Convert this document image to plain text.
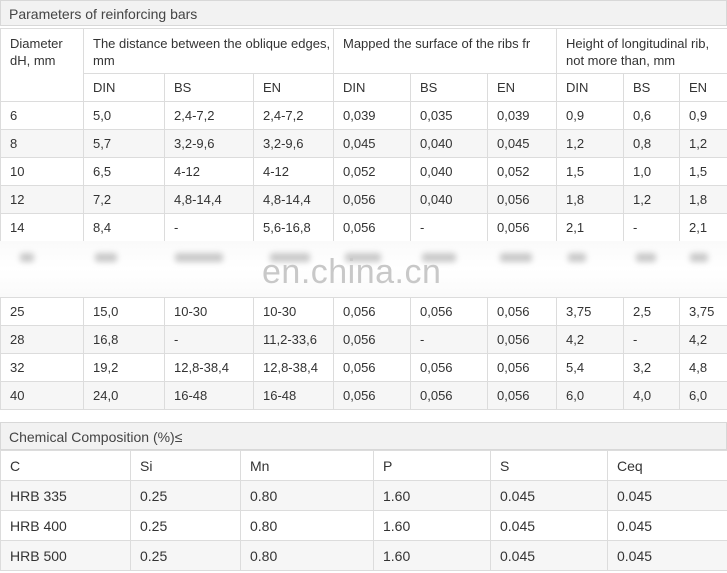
Parameters of reinforcing bars
Diameter dH, mm	The distance between the oblique edges, mm			Mapped the surface of the ribs fr			Height of longitudinal rib, not more than, mm		
	DIN	BS	EN	DIN	BS	EN	DIN	BS	EN
6	5,0	2,4-7,2	2,4-7,2	0,039	0,035	0,039	0,9	0,6	0,9
8	5,7	3,2-9,6	3,2-9,6	0,045	0,040	0,045	1,2	0,8	1,2
10	6,5	4-12	4-12	0,052	0,040	0,052	1,5	1,0	1,5
12	7,2	4,8-14,4	4,8-14,4	0,056	0,040	0,056	1,8	1,2	1,8
14	8,4	-	5,6-16,8	0,056	-	0,056	2,1	-	2,1

25	15,0	10-30	10-30	0,056	0,056	0,056	3,75	2,5	3,75
28	16,8	-	11,2-33,6	0,056	-	0,056	4,2	-	4,2
32	19,2	12,8-38,4	12,8-38,4	0,056	0,056	0,056	5,4	3,2	4,8
40	24,0	16-48	16-48	0,056	0,056	0,056	6,0	4,0	6,0
en.china.cn
Chemical Composition (%)≤
C	Si	Mn	P	S	Ceq
HRB 335	0.25	0.80	1.60	0.045	0.045
HRB 400	0.25	0.80	1.60	0.045	0.045
HRB 500	0.25	0.80	1.60	0.045	0.045
